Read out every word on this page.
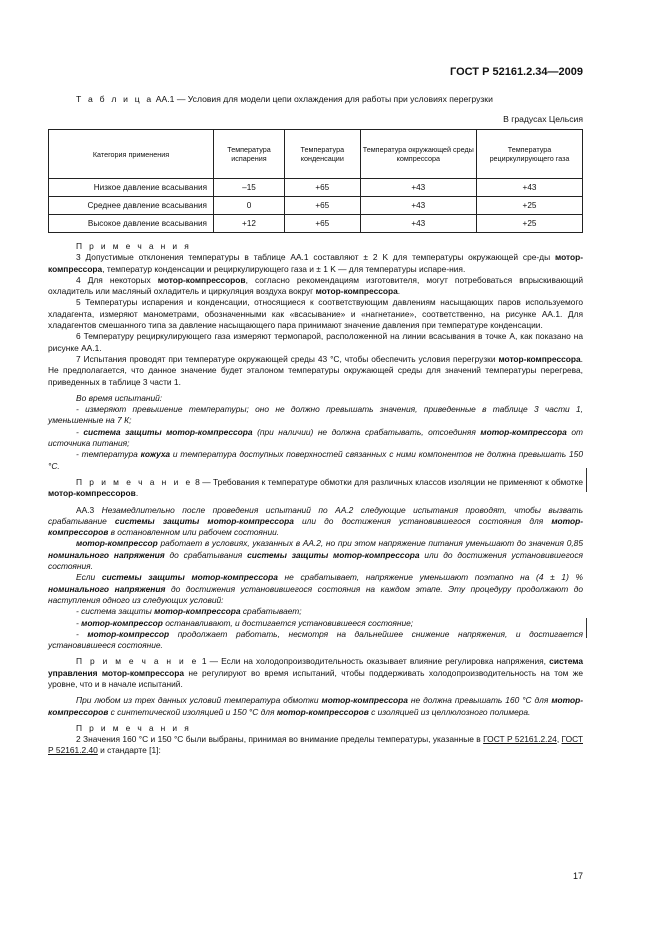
ГОСТ Р 52161.2.34—2009
Т а б л и ц а АА.1 — Условия для модели цепи охлаждения для работы при условиях перегрузки
В градусах Цельсия
Категория применения	Температура испарения	Температура конденсации	Температура окружающей среды компрессора	Температура рециркулирующего газа
Низкое давление всасывания	–15	+65	+43	+43
Среднее давление всасывания	0	+65	+43	+25
Высокое давление всасывания	+12	+65	+43	+25

П р и м е ч а н и я

3 Допустимые отклонения температуры в таблице АА.1 составляют ± 2 K для температуры окружающей сре-ды мотор-компрессора, температур конденсации и рециркулирующего газа и ± 1 K — для температуры испаре-ния.

4 Для некоторых мотор-компрессоров, согласно рекомендациям изготовителя, могут потребоваться впрыскивающий охладитель или масляный охладитель и циркуляция воздуха вокруг мотор-компрессора.

5 Температуры испарения и конденсации, относящиеся к соответствующим давлениям насыщающих паров используемого хладагента, измеряют манометрами, обозначенными как «всасывание» и «нагнетание», соответственно, на рисунке АА.1. Для хладагентов смешанного типа за давление насыщающего пара принимают значение давления при температуре конденсации.

6 Температуру рециркулирующего газа измеряют термопарой, расположенной на линии всасывания в точке А, как показано на рисунке АА.1.

7 Испытания проводят при температуре окружающей среды 43 °C, чтобы обеспечить условия перегрузки мотор-компрессора. Не предполагается, что данное значение будет эталоном температуры окружающей среды для значений температуры перегрева, приведенных в таблице 3 части 1.

Во время испытаний:

- измеряют превышение температуры; оно не должно превышать значения, приведенные в таблице 3 части 1, уменьшенные на 7 К;

- система защиты мотор-компрессора (при наличии) не должна срабатывать, отсоединяя мотор-компрессора от источника питания;

- температура кожуха и температура доступных поверхностей связанных с ними компонентов не должна превышать 150 °C.

П р и м е ч а н и е 8 — Требования к температуре обмотки для различных классов изоляции не применяют к обмотке мотор-компрессоров.

АА.3 Незамедлительно после проведения испытаний по АА.2 следующие испытания проводят, чтобы вызвать срабатывание системы защиты мотор-компрессора или до достижения установившегося состояния для мотор-компрессоров в остановленном или рабочем состоянии.

мотор-компрессор работает в условиях, указанных в АА.2, но при этом напряжение питания уменьшают до значения 0,85 номинального напряжения до срабатывания системы защиты мотор-компрессора или до достижения установившегося состояния.

Если системы защиты мотор-компрессора не срабатывает, напряжение уменьшают поэтапно на (4 ± 1) % номинального напряжения до достижения установившегося состояния на каждом этапе. Эту процедуру продолжают до наступления одного из следующих условий:

- система защиты мотор-компрессора срабатывает;

- мотор-компрессор останавливают, и достигается установившееся состояние;

- мотор-компрессор продолжает работать, несмотря на дальнейшее снижение напряжения, и достигается установившееся состояние.

П р и м е ч а н и е 1 — Если на холодопроизводительность оказывает влияние регулировка напряжения, система управления мотор-компрессора не регулируют во время испытаний, чтобы поддерживать холодопроизводительность на том же уровне, что и в начале испытаний.

При любом из трех данных условий температура обмотки мотор-компрессора не должна превышать 160 °С для мотор-компрессоров с синтетической изоляцией и 150 °C для мотор-компрессоров с изоляцией из целлюлозного полимера.

П р и м е ч а н и я

2 Значения 160 °C и 150 °C были выбраны, принимая во внимание пределы температуры, указанные в ГОСТ Р 52161.2.24, ГОСТ Р 52161.2.40 и стандарте [1]:

17
